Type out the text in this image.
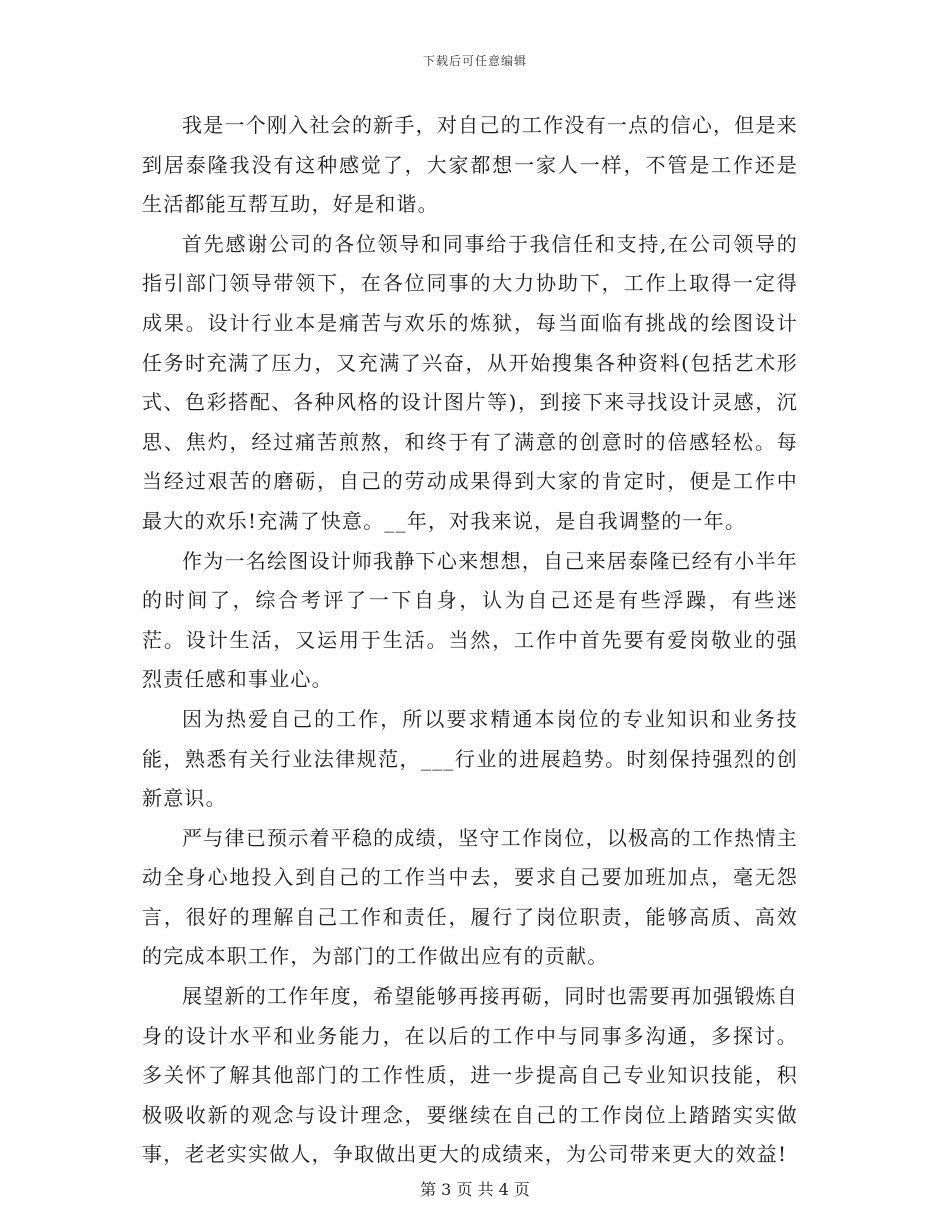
下载后可任意编辑

我是一个刚入社会的新手，对自己的工作没有一点的信心，但是来到居泰隆我没有这种感觉了，大家都想一家人一样，不管是工作还是生活都能互帮互助，好是和谐。

首先感谢公司的各位领导和同事给于我信任和支持,在公司领导的指引部门领导带领下，在各位同事的大力协助下，工作上取得一定得成果。设计行业本是痛苦与欢乐的炼狱，每当面临有挑战的绘图设计任务时充满了压力，又充满了兴奋，从开始搜集各种资料(包括艺术形式、色彩搭配、各种风格的设计图片等)，到接下来寻找设计灵感，沉思、焦灼，经过痛苦煎熬，和终于有了满意的创意时的倍感轻松。每当经过艰苦的磨砺，自己的劳动成果得到大家的肯定时，便是工作中最大的欢乐!充满了快意。__年，对我来说，是自我调整的一年。

作为一名绘图设计师我静下心来想想，自己来居泰隆已经有小半年的时间了，综合考评了一下自身，认为自己还是有些浮躁，有些迷茫。设计生活，又运用于生活。当然，工作中首先要有爱岗敬业的强烈责任感和事业心。

因为热爱自己的工作，所以要求精通本岗位的专业知识和业务技能，熟悉有关行业法律规范，___行业的进展趋势。时刻保持强烈的创新意识。

严与律已预示着平稳的成绩，坚守工作岗位，以极高的工作热情主动全身心地投入到自己的工作当中去，要求自己要加班加点，毫无怨言，很好的理解自己工作和责任，履行了岗位职责，能够高质、高效的完成本职工作，为部门的工作做出应有的贡献。

展望新的工作年度，希望能够再接再砺，同时也需要再加强锻炼自身的设计水平和业务能力，在以后的工作中与同事多沟通，多探讨。多关怀了解其他部门的工作性质，进一步提高自己专业知识技能，积极吸收新的观念与设计理念，要继续在自己的工作岗位上踏踏实实做事，老老实实做人，争取做出更大的成绩来，为公司带来更大的效益!

第 3 页 共 4 页
